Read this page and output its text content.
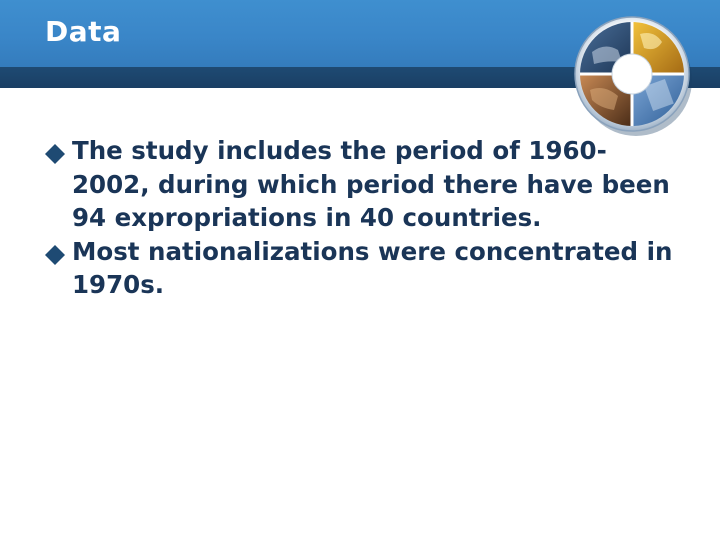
Data
The study includes the period of 1960-2002, during which period there have been 94 expropriations in 40 countries.
Most nationalizations were concentrated in 1970s.
